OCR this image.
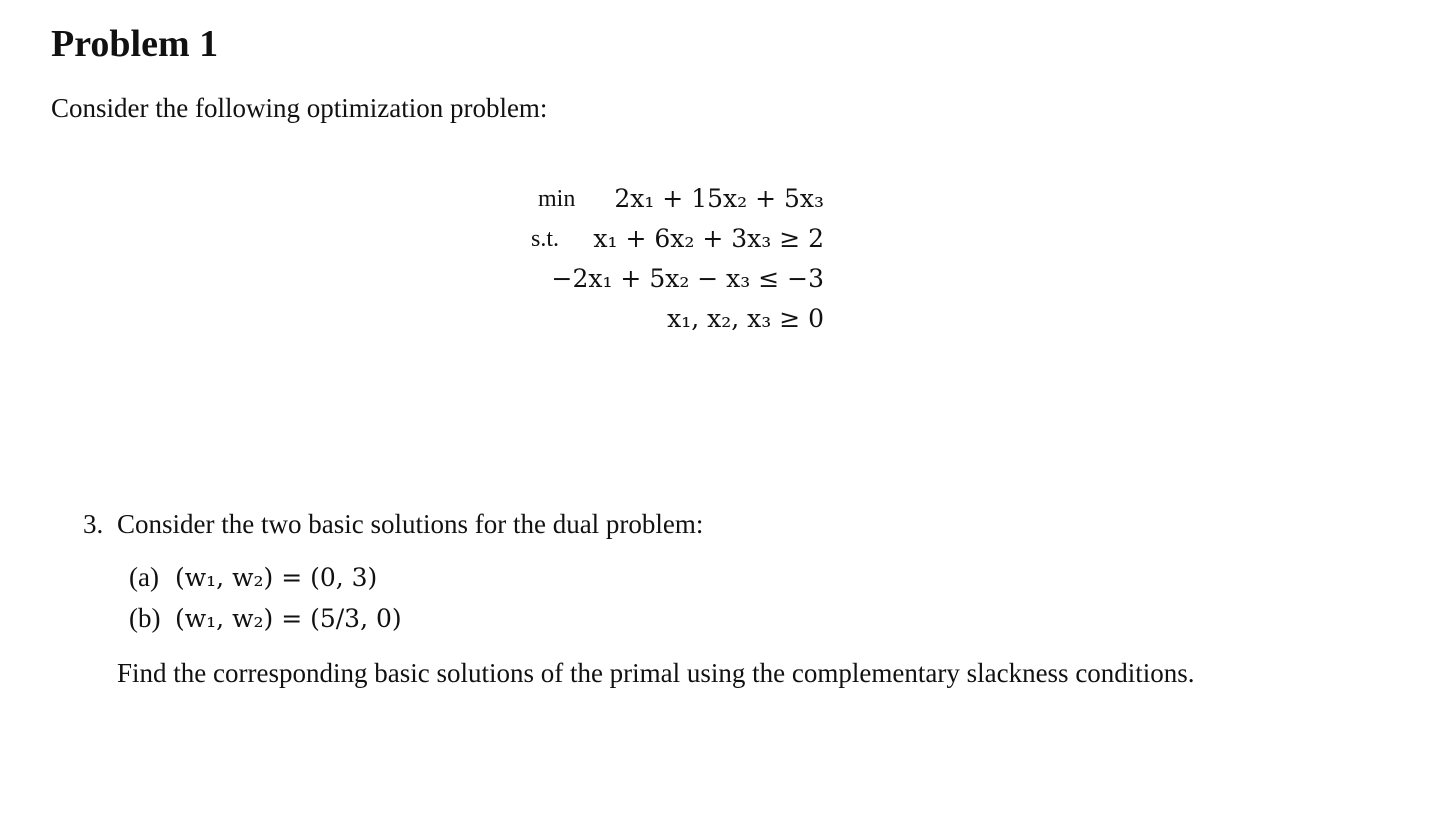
Problem 1
Consider the following optimization problem:
min 2x₁ + 15x₂ + 5x₃
s.t. x₁ + 6x₂ + 3x₃ ≥ 2
−2x₁ + 5x₂ − x₃ ≤ −3
x₁, x₂, x₃ ≥ 0
3. Consider the two basic solutions for the dual problem:
(a) (w₁, w₂) = (0, 3)
(b) (w₁, w₂) = (5/3, 0)
Find the corresponding basic solutions of the primal using the complementary slackness conditions.
